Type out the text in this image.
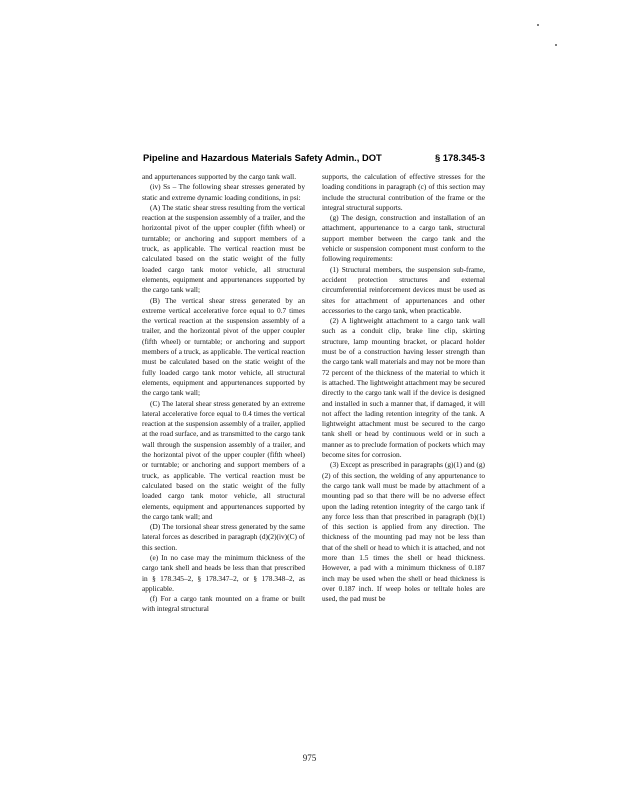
Pipeline and Hazardous Materials Safety Admin., DOT	§ 178.345-3

and appurtenances supported by the cargo tank wall.

(iv) Ss – The following shear stresses generated by static and extreme dynamic loading conditions, in psi:

(A) The static shear stress resulting from the vertical reaction at the suspension assembly of a trailer, and the horizontal pivot of the upper coupler (fifth wheel) or turntable; or anchoring and support members of a truck, as applicable. The vertical reaction must be calculated based on the static weight of the fully loaded cargo tank motor vehicle, all structural elements, equipment and appurtenances supported by the cargo tank wall;

(B) The vertical shear stress generated by an extreme vertical accelerative force equal to 0.7 times the vertical reaction at the suspension assembly of a trailer, and the horizontal pivot of the upper coupler (fifth wheel) or turntable; or anchoring and support members of a truck, as applicable. The vertical reaction must be calculated based on the static weight of the fully loaded cargo tank motor vehicle, all structural elements, equipment and appurtenances supported by the cargo tank wall;

(C) The lateral shear stress generated by an extreme lateral accelerative force equal to 0.4 times the vertical reaction at the suspension assembly of a trailer, applied at the road surface, and as transmitted to the cargo tank wall through the suspension assembly of a trailer, and the horizontal pivot of the upper coupler (fifth wheel) or turntable; or anchoring and support members of a truck, as applicable. The vertical reaction must be calculated based on the static weight of the fully loaded cargo tank motor vehicle, all structural elements, equipment and appurtenances supported by the cargo tank wall; and

(D) The torsional shear stress generated by the same lateral forces as described in paragraph (d)(2)(iv)(C) of this section.

(e) In no case may the minimum thickness of the cargo tank shell and heads be less than that prescribed in § 178.345–2, § 178.347–2, or § 178.348–2, as applicable.

(f) For a cargo tank mounted on a frame or built with integral structural

supports, the calculation of effective stresses for the loading conditions in paragraph (c) of this section may include the structural contribution of the frame or the integral structural supports.

(g) The design, construction and installation of an attachment, appurtenance to a cargo tank, structural support member between the cargo tank and the vehicle or suspension component must conform to the following requirements:

(1) Structural members, the suspension sub-frame, accident protection structures and external circumferential reinforcement devices must be used as sites for attachment of appurtenances and other accessories to the cargo tank, when practicable.

(2) A lightweight attachment to a cargo tank wall such as a conduit clip, brake line clip, skirting structure, lamp mounting bracket, or placard holder must be of a construction having lesser strength than the cargo tank wall materials and may not be more than 72 percent of the thickness of the material to which it is attached. The lightweight attachment may be secured directly to the cargo tank wall if the device is designed and installed in such a manner that, if damaged, it will not affect the lading retention integrity of the tank. A lightweight attachment must be secured to the cargo tank shell or head by continuous weld or in such a manner as to preclude formation of pockets which may become sites for corrosion.

(3) Except as prescribed in paragraphs (g)(1) and (g)(2) of this section, the welding of any appurtenance to the cargo tank wall must be made by attachment of a mounting pad so that there will be no adverse effect upon the lading retention integrity of the cargo tank if any force less than that prescribed in paragraph (b)(1) of this section is applied from any direction. The thickness of the mounting pad may not be less than that of the shell or head to which it is attached, and not more than 1.5 times the shell or head thickness. However, a pad with a minimum thickness of 0.187 inch may be used when the shell or head thickness is over 0.187 inch. If weep holes or telltale holes are used, the pad must be

975
